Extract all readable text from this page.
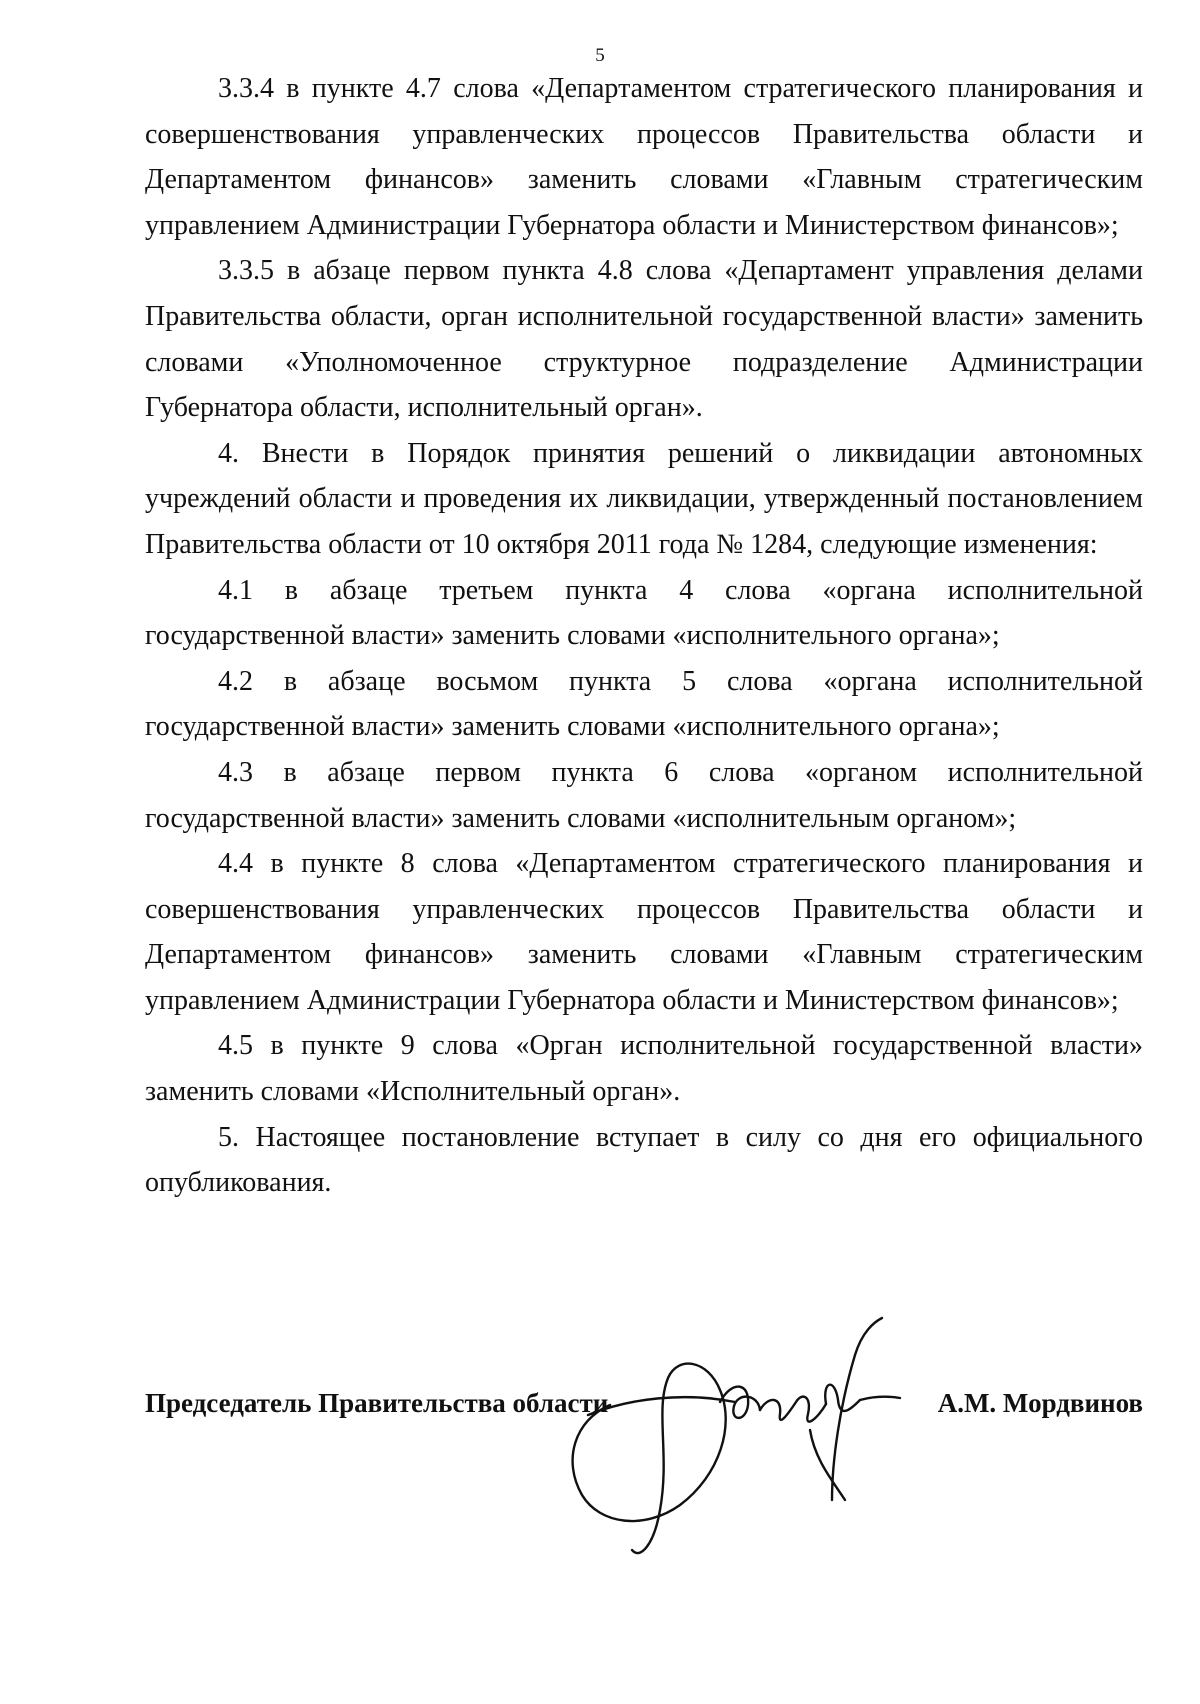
5

3.3.4 в пункте 4.7 слова «Департаментом стратегического планирования и совершенствования управленческих процессов Правительства области и Департаментом финансов» заменить словами «Главным стратегическим управлением Администрации Губернатора области и Министерством финансов»;

3.3.5 в абзаце первом пункта 4.8 слова «Департамент управления делами Правительства области, орган исполнительной государственной власти» заменить словами «Уполномоченное структурное подразделение Администрации Губернатора области, исполнительный орган».

4. Внести в Порядок принятия решений о ликвидации автономных учреждений области и проведения их ликвидации, утвержденный постановлением Правительства области от 10 октября 2011 года № 1284, следующие изменения:

4.1 в абзаце третьем пункта 4 слова «органа исполнительной государственной власти» заменить словами «исполнительного органа»;

4.2 в абзаце восьмом пункта 5 слова «органа исполнительной государственной власти» заменить словами «исполнительного органа»;

4.3 в абзаце первом пункта 6 слова «органом исполнительной государственной власти» заменить словами «исполнительным органом»;

4.4 в пункте 8 слова «Департаментом стратегического планирования и совершенствования управленческих процессов Правительства области и Департаментом финансов» заменить словами «Главным стратегическим управлением Администрации Губернатора области и Министерством финансов»;

4.5 в пункте 9 слова «Орган исполнительной государственной власти» заменить словами «Исполнительный орган».

5. Настоящее постановление вступает в силу со дня его официального опубликования.

Председатель Правительства области	А.М. Мордвинов
